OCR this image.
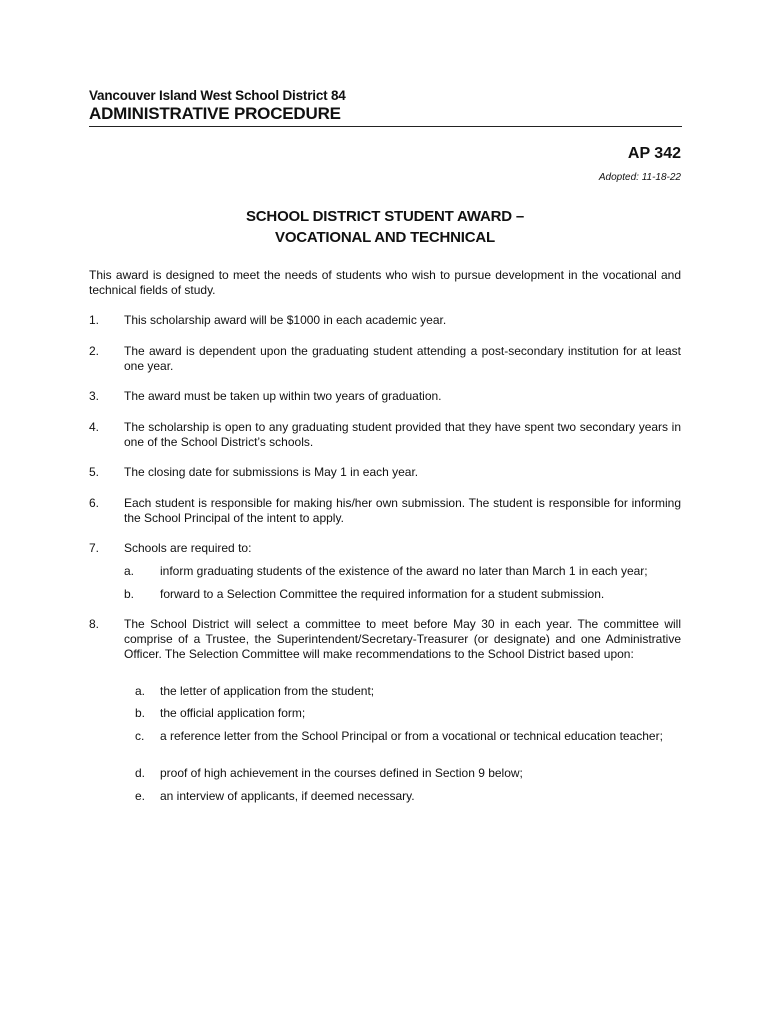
Vancouver Island West School District 84
ADMINISTRATIVE PROCEDURE
AP 342
Adopted: 11-18-22
SCHOOL DISTRICT STUDENT AWARD –
VOCATIONAL AND TECHNICAL
This award is designed to meet the needs of students who wish to pursue development in the vocational and technical fields of study.
1. This scholarship award will be $1000 in each academic year.
2. The award is dependent upon the graduating student attending a post-secondary institution for at least one year.
3. The award must be taken up within two years of graduation.
4. The scholarship is open to any graduating student provided that they have spent two secondary years in one of the School District’s schools.
5. The closing date for submissions is May 1 in each year.
6. Each student is responsible for making his/her own submission. The student is responsible for informing the School Principal of the intent to apply.
7. Schools are required to:
a. inform graduating students of the existence of the award no later than March 1 in each year;
b. forward to a Selection Committee the required information for a student submission.
8. The School District will select a committee to meet before May 30 in each year. The committee will comprise of a Trustee, the Superintendent/Secretary-Treasurer (or designate) and one Administrative Officer. The Selection Committee will make recommendations to the School District based upon:
a. the letter of application from the student;
b. the official application form;
c. a reference letter from the School Principal or from a vocational or technical education teacher;
d. proof of high achievement in the courses defined in Section 9 below;
e. an interview of applicants, if deemed necessary.
